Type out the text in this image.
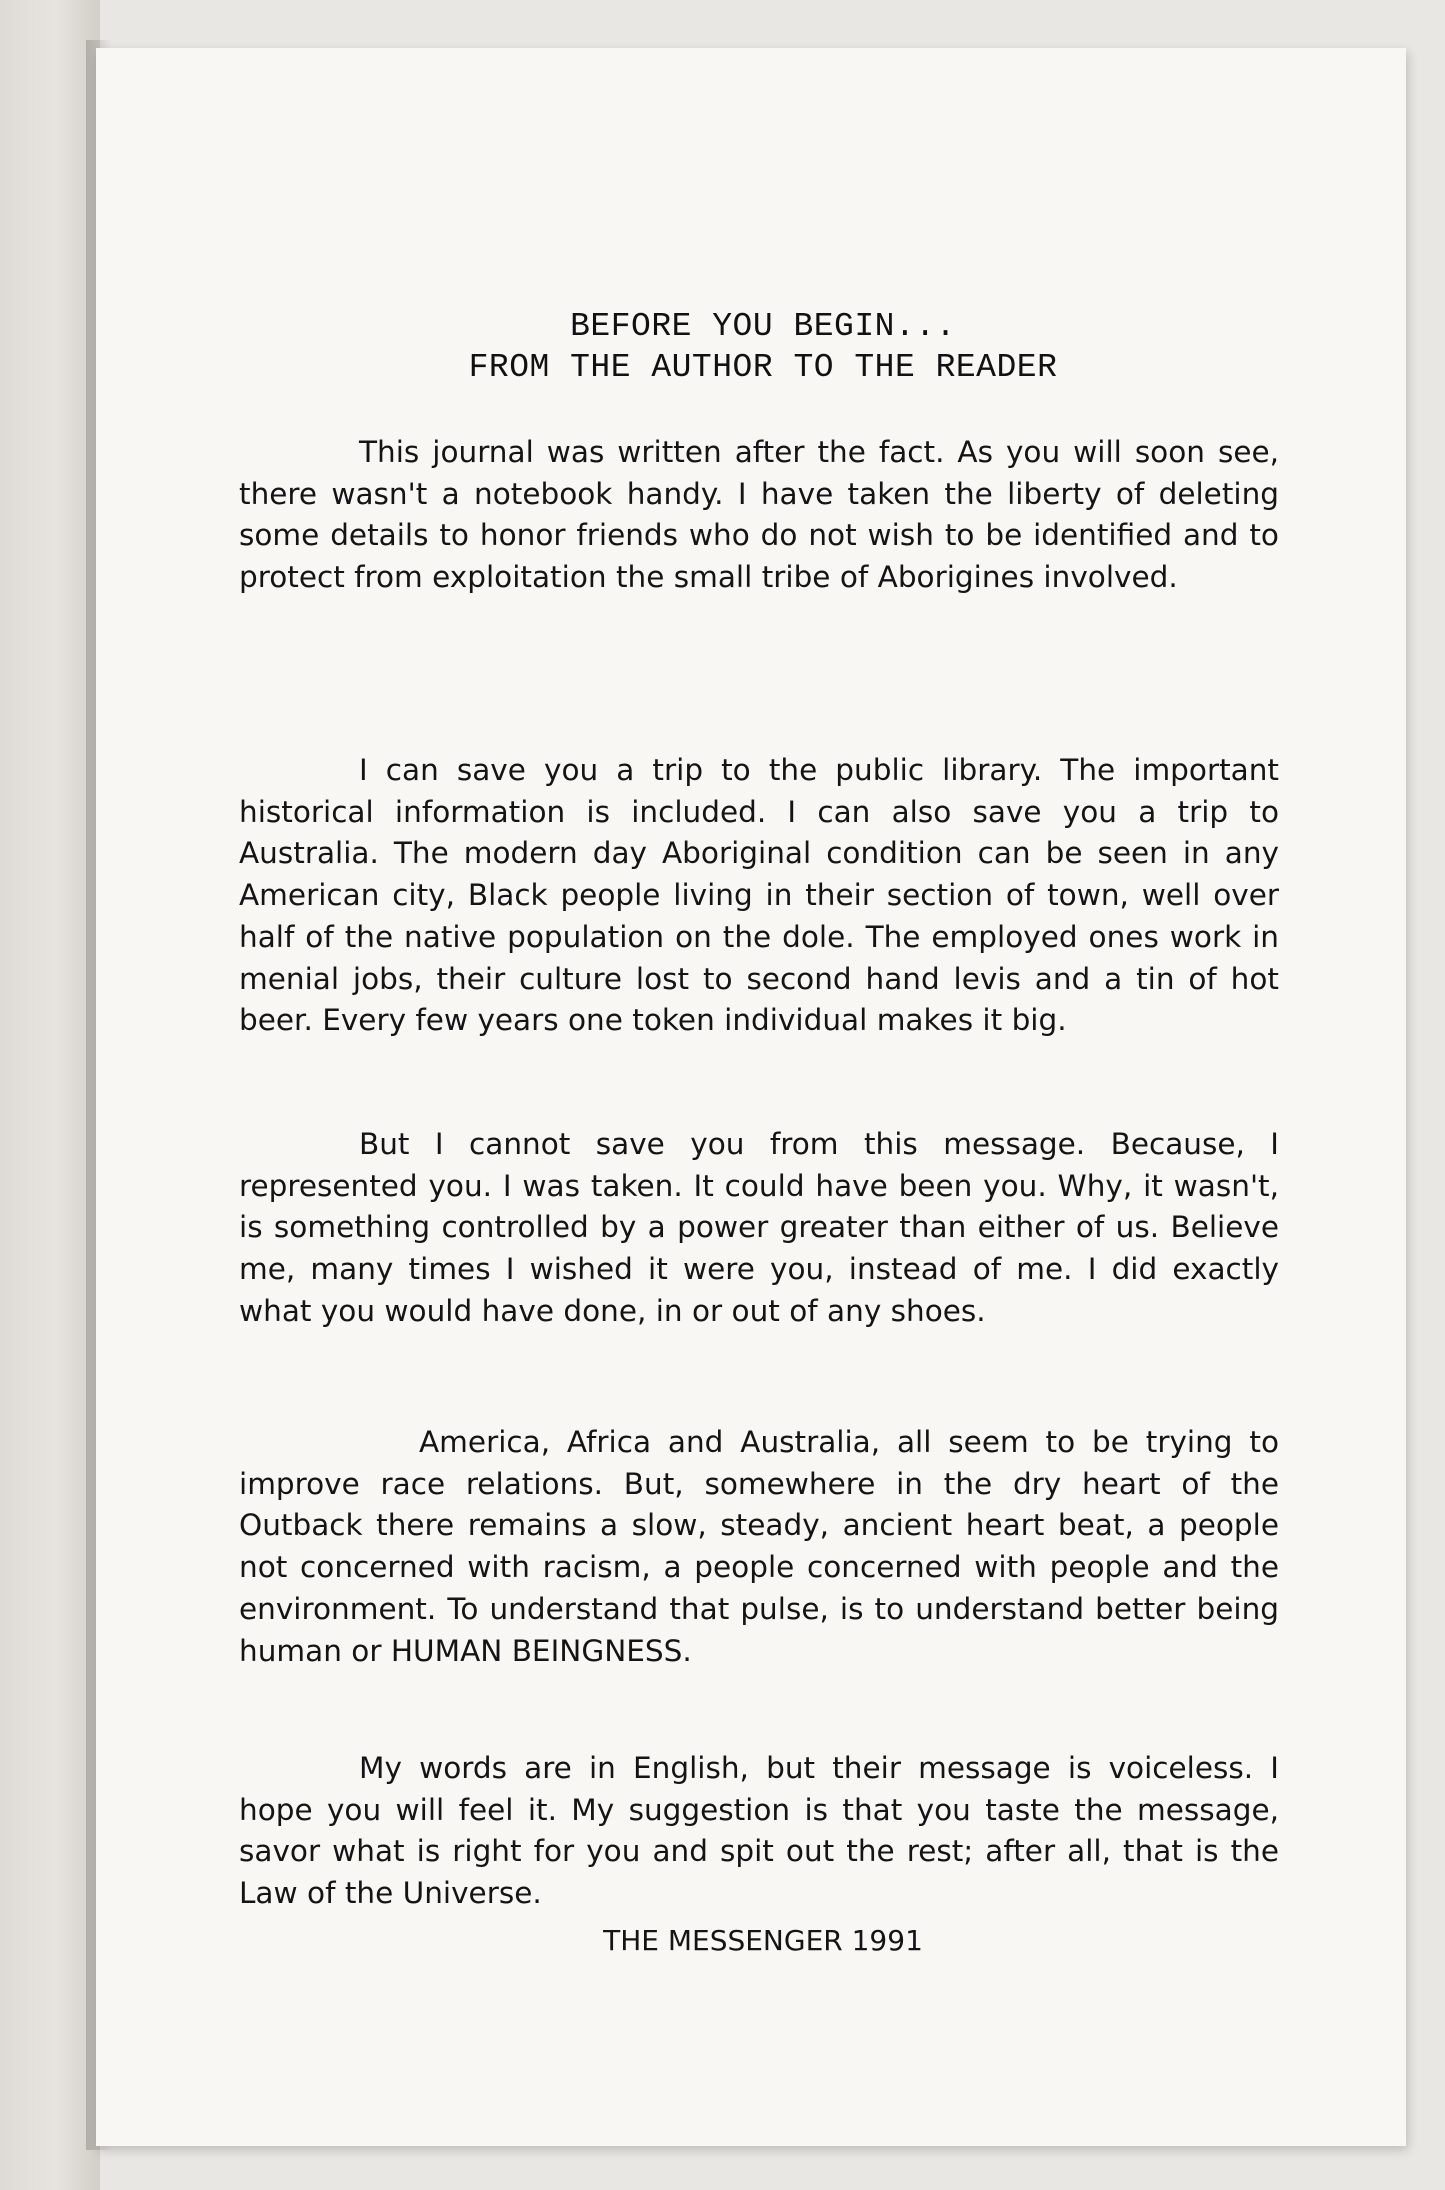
BEFORE YOU BEGIN...
FROM THE AUTHOR TO THE READER

This journal was written after the fact. As you will soon see, there wasn't a notebook handy. I have taken the liberty of deleting some details to honor friends who do not wish to be identified and to protect from exploitation the small tribe of Aborigines involved.

I can save you a trip to the public library. The important historical information is included. I can also save you a trip to Australia. The modern day Aboriginal condition can be seen in any American city, Black people living in their section of town, well over half of the native population on the dole. The employed ones work in menial jobs, their culture lost to second hand levis and a tin of hot beer. Every few years one token individual makes it big.

But I cannot save you from this message. Because, I represented you. I was taken. It could have been you. Why, it wasn't, is something controlled by a power greater than either of us. Believe me, many times I wished it were you, instead of me. I did exactly what you would have done, in or out of any shoes.

America, Africa and Australia, all seem to be trying to improve race relations. But, somewhere in the dry heart of the Outback there remains a slow, steady, ancient heart beat, a people not concerned with racism, a people concerned with people and the environment. To understand that pulse, is to understand better being human or HUMAN BEINGNESS.

My words are in English, but their message is voiceless. I hope you will feel it. My suggestion is that you taste the message, savor what is right for you and spit out the rest; after all, that is the Law of the Universe.

THE MESSENGER 1991
